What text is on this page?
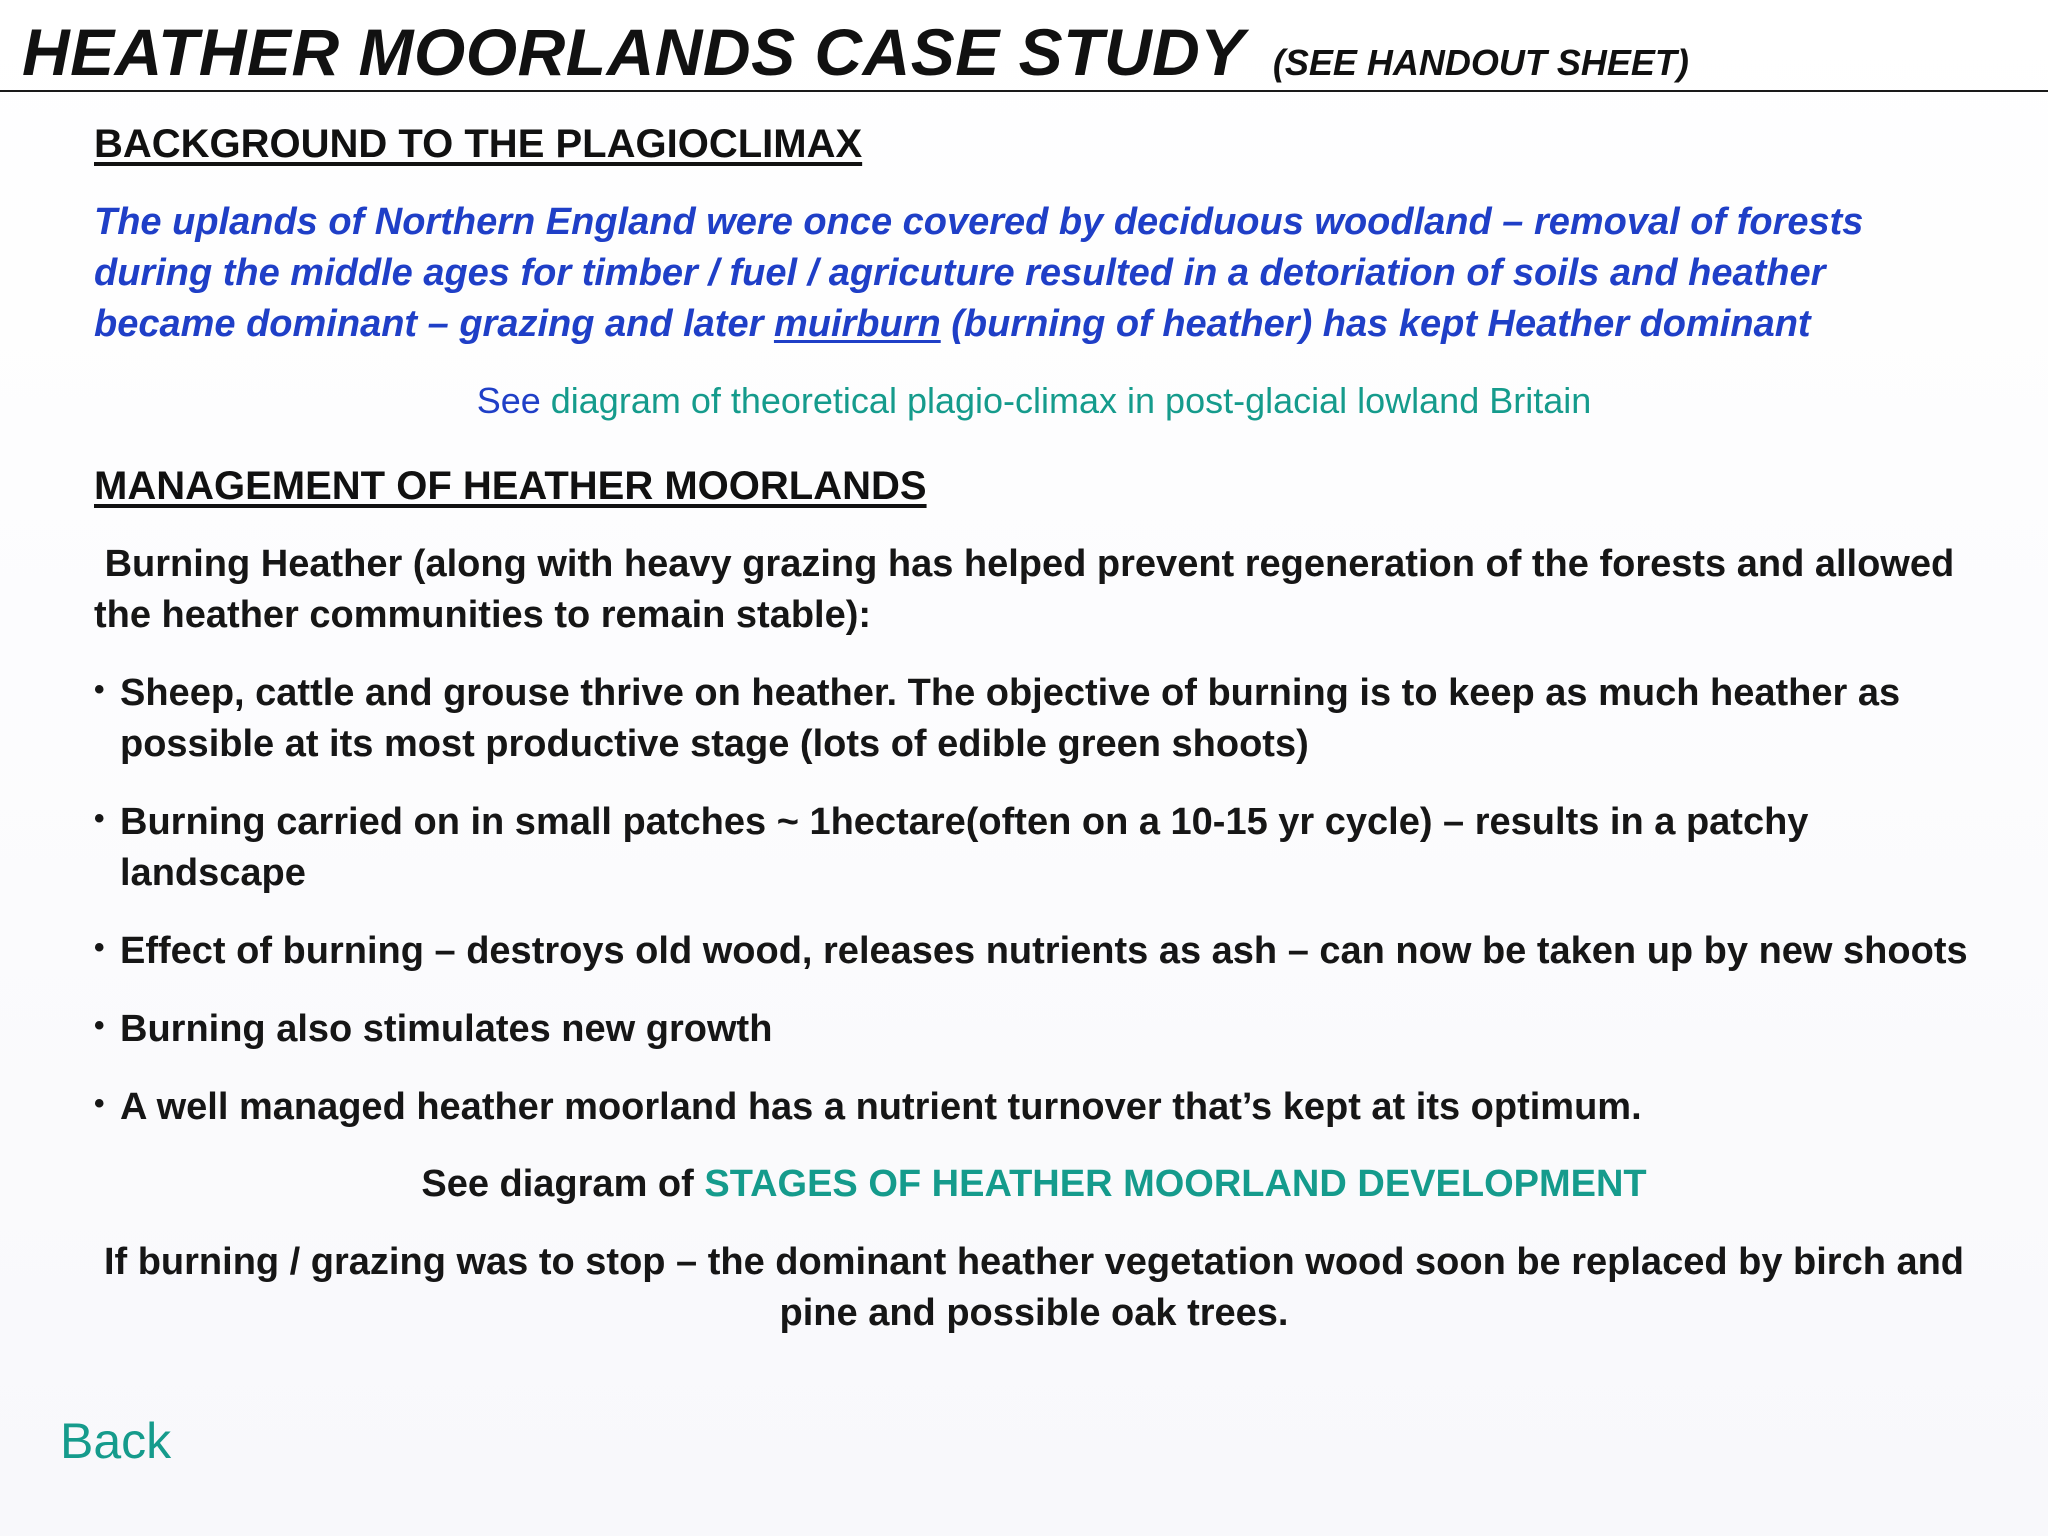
HEATHER MOORLANDS CASE STUDY (SEE HANDOUT SHEET)
BACKGROUND TO THE PLAGIOCLIMAX
The uplands of Northern England were once covered by deciduous woodland – removal of forests during the middle ages for timber / fuel / agricuture resulted in a detoriation of soils and heather became dominant – grazing and later muirburn (burning of heather) has kept Heather dominant
See diagram of theoretical plagio-climax in post-glacial lowland Britain
MANAGEMENT OF HEATHER MOORLANDS
Burning Heather (along with heavy grazing has helped prevent regeneration of the forests and allowed the heather communities to remain stable):
• Sheep, cattle and grouse thrive on heather. The objective of burning is to keep as much heather as possible at its most productive stage (lots of edible green shoots)
• Burning carried on in small patches ~ 1hectare(often on a 10-15 yr cycle) – results in a patchy landscape
• Effect of burning – destroys old wood, releases nutrients as ash – can now be taken up by new shoots
• Burning also stimulates new growth
• A well managed heather moorland has a nutrient turnover that’s kept at its optimum.
See diagram of STAGES OF HEATHER MOORLAND DEVELOPMENT
If burning / grazing was to stop – the dominant heather vegetation wood soon be replaced by birch and pine and possible oak trees.
Back
